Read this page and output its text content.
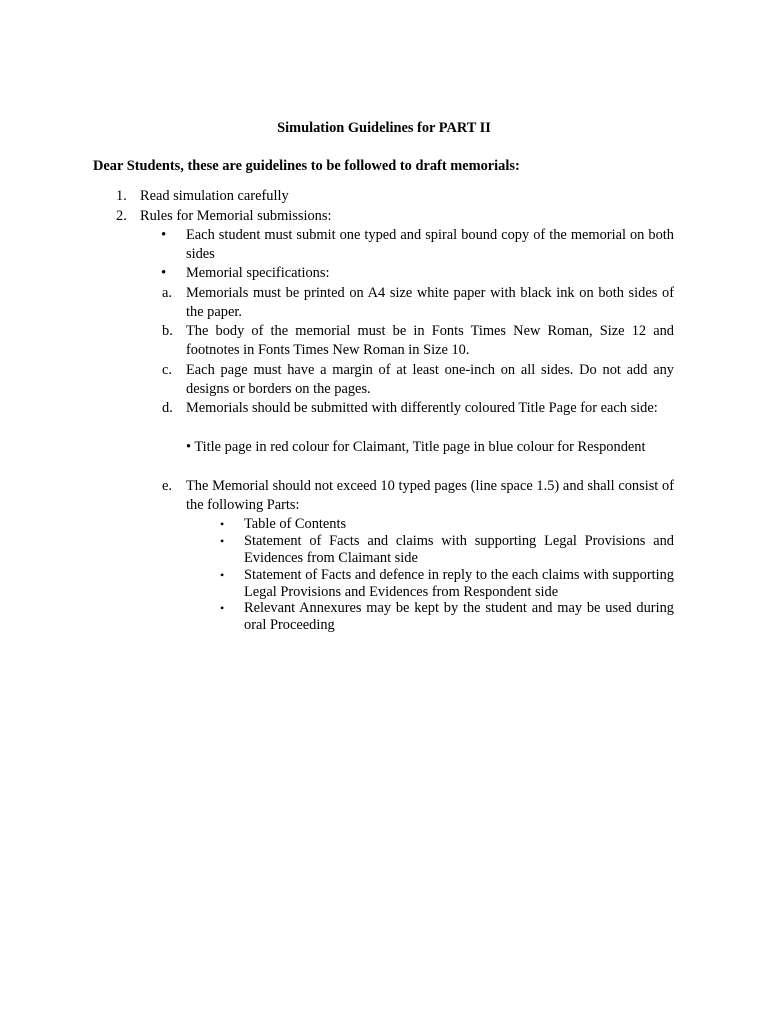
Simulation Guidelines for PART II
Dear Students, these are guidelines to be followed to draft memorials:
1. Read simulation carefully
2. Rules for Memorial submissions:
• Each student must submit one typed and spiral bound copy of the memorial on both sides
• Memorial specifications:
a. Memorials must be printed on A4 size white paper with black ink on both sides of the paper.
b. The body of the memorial must be in Fonts Times New Roman, Size 12 and footnotes in Fonts Times New Roman in Size 10.
c. Each page must have a margin of at least one-inch on all sides. Do not add any designs or borders on the pages.
d. Memorials should be submitted with differently coloured Title Page for each side:
• Title page in red colour for Claimant, Title page in blue colour for Respondent
e. The Memorial should not exceed 10 typed pages (line space 1.5) and shall consist of the following Parts:
• Table of Contents
• Statement of Facts and claims with supporting Legal Provisions and Evidences from Claimant side
• Statement of Facts and defence in reply to the each claims with supporting Legal Provisions and Evidences from Respondent side
• Relevant Annexures may be kept by the student and may be used during oral Proceeding
